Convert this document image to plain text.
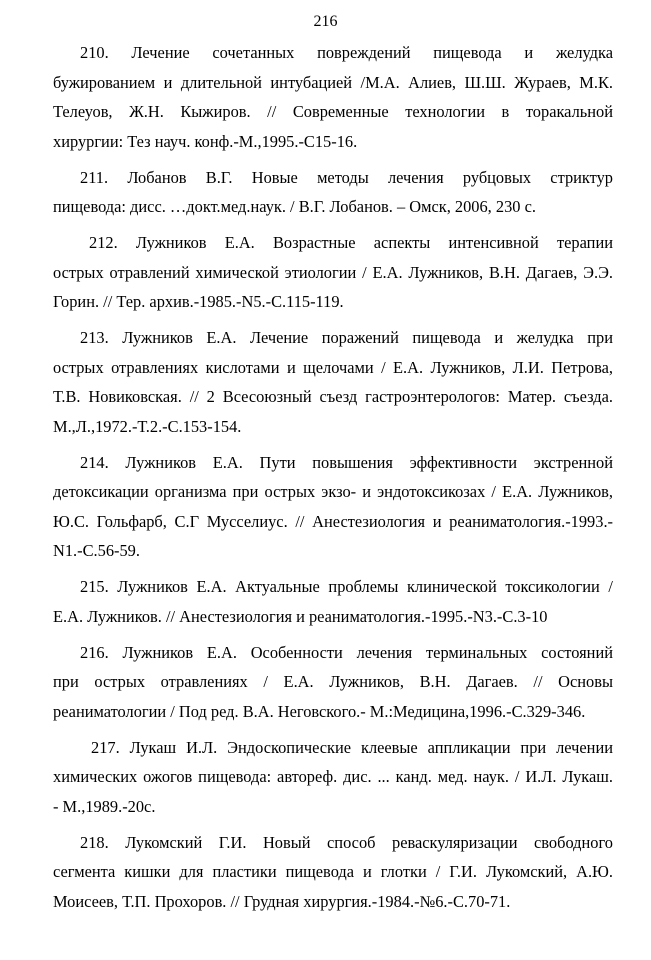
216
210. Лечение сочетанных повреждений пищевода и желудка
бужированием и длительной интубацией /М.А. Алиев, Ш.Ш. Жураев, М.К.
Телеуов, Ж.Н. Кыжиров. // Современные технологии в торакальной
хирургии: Тез науч. конф.-М.,1995.-С15-16.
211. Лобанов В.Г. Новые методы лечения рубцовых стриктур
пищевода: дисс. …докт.мед.наук. / В.Г. Лобанов. – Омск, 2006, 230 с.
212. Лужников Е.А. Возрастные аспекты интенсивной терапии
острых отравлений химической этиологии / Е.А. Лужников, В.Н. Дагаев, Э.Э.
Горин. // Тер. архив.-1985.-N5.-С.115-119.
213. Лужников Е.А. Лечение поражений пищевода и желудка при
острых отравлениях кислотами и щелочами / Е.А. Лужников, Л.И. Петрова,
Т.В. Новиковская. // 2 Всесоюзный съезд гастроэнтерологов: Матер. съезда.
М.,Л.,1972.-Т.2.-С.153-154.
214. Лужников Е.А. Пути повышения эффективности экстренной
детоксикации организма при острых экзо- и эндотоксикозах / Е.А. Лужников,
Ю.С. Гольфарб, С.Г Мусселиус. // Анестезиология и реаниматология.-1993.-
N1.-С.56-59.
215. Лужников Е.А. Актуальные проблемы клинической токсикологии /
Е.А. Лужников. // Анестезиология и реаниматология.-1995.-N3.-С.3-10
216. Лужников Е.А. Особенности лечения терминальных состояний
при острых отравлениях / Е.А. Лужников, В.Н. Дагаев. // Основы
реаниматологии / Под ред. В.А. Неговского.- М.:Медицина,1996.-С.329-346.
217. Лукаш И.Л. Эндоскопические клеевые аппликации при лечении
химических ожогов пищевода: автореф. дис. ... канд. мед. наук. / И.Л. Лукаш.
- М.,1989.-20с.
218. Лукомский Г.И. Новый способ реваскуляризации свободного
сегмента кишки для пластики пищевода и глотки / Г.И. Лукомский, А.Ю.
Моисеев, Т.П. Прохоров. // Грудная хирургия.-1984.-№6.-С.70-71.
